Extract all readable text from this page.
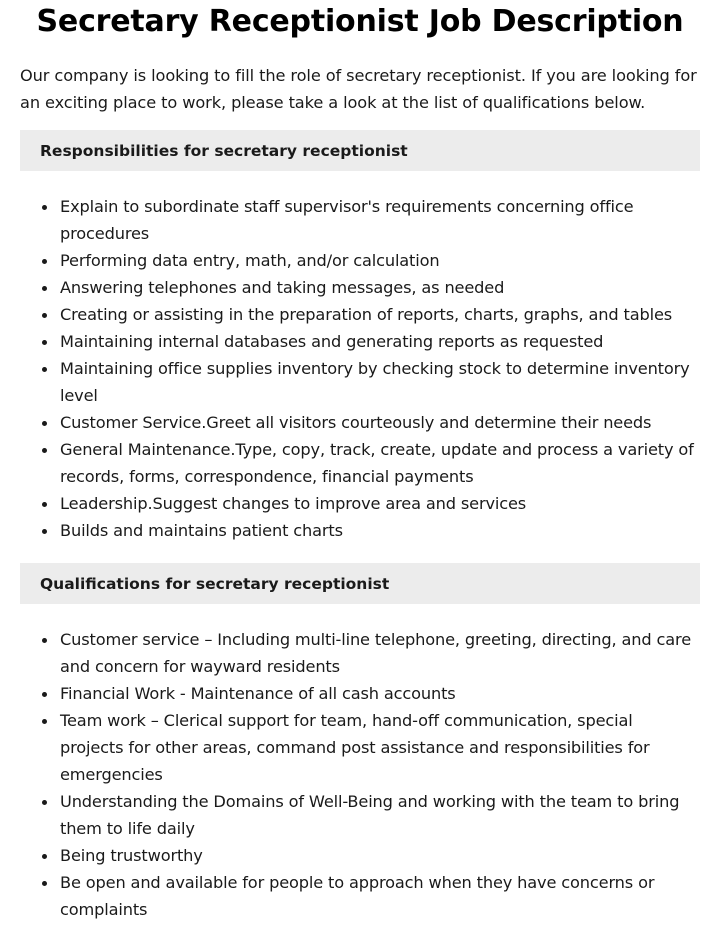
Secretary Receptionist Job Description

Our company is looking to fill the role of secretary receptionist. If you are looking for an exciting place to work, please take a look at the list of qualifications below.

Responsibilities for secretary receptionist
Explain to subordinate staff supervisor's requirements concerning office procedures
Performing data entry, math, and/or calculation
Answering telephones and taking messages, as needed
Creating or assisting in the preparation of reports, charts, graphs, and tables
Maintaining internal databases and generating reports as requested
Maintaining office supplies inventory by checking stock to determine inventory level
Customer Service.Greet all visitors courteously and determine their needs
General Maintenance.Type, copy, track, create, update and process a variety of records, forms, correspondence, financial payments
Leadership.Suggest changes to improve area and services
Builds and maintains patient charts
Qualifications for secretary receptionist
Customer service – Including multi-line telephone, greeting, directing, and care and concern for wayward residents
Financial Work - Maintenance of all cash accounts
Team work – Clerical support for team, hand-off communication, special projects for other areas, command post assistance and responsibilities for emergencies
Understanding the Domains of Well-Being and working with the team to bring them to life daily
Being trustworthy
Be open and available for people to approach when they have concerns or complaints
